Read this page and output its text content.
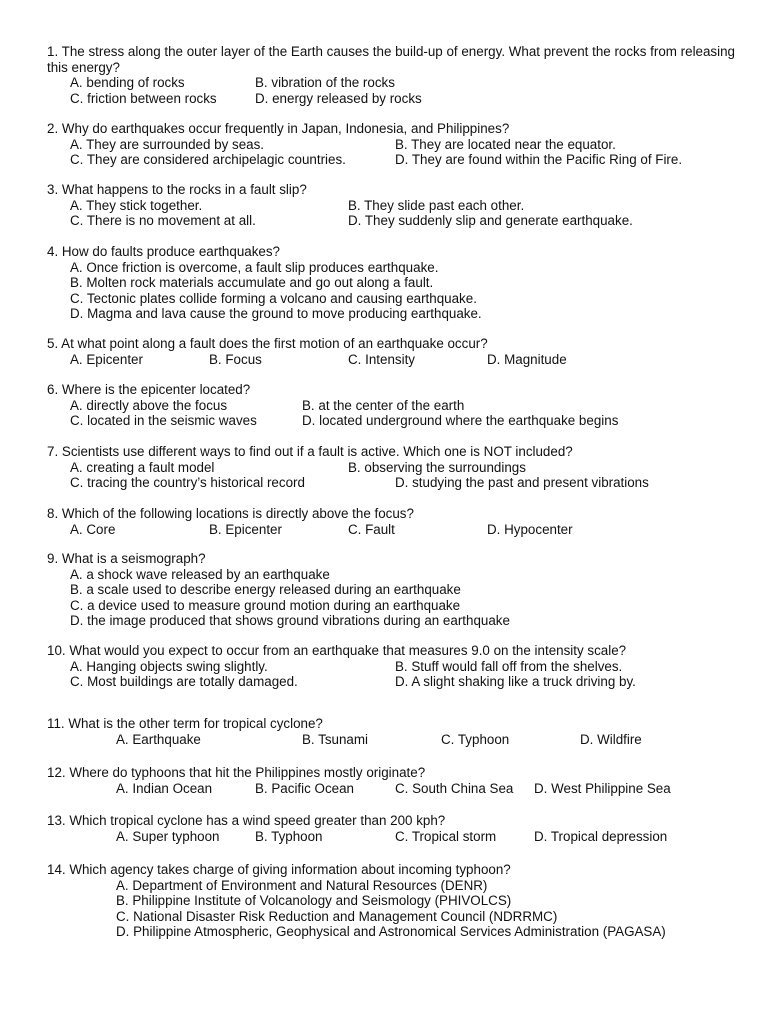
1. The stress along the outer layer of the Earth causes the build-up of energy. What prevent the rocks from releasing this energy?
A. bending of rocks	B. vibration of the rocks
C. friction between rocks	D. energy released by rocks
2. Why do earthquakes occur frequently in Japan, Indonesia, and Philippines?
A. They are surrounded by seas.	B. They are located near the equator.
C. They are considered archipelagic countries.	D. They are found within the Pacific Ring of Fire.
3. What happens to the rocks in a fault slip?
A. They stick together.	B. They slide past each other.
C. There is no movement at all.	D. They suddenly slip and generate earthquake.
4. How do faults produce earthquakes?
A. Once friction is overcome, a fault slip produces earthquake.
B. Molten rock materials accumulate and go out along a fault.
C. Tectonic plates collide forming a volcano and causing earthquake.
D. Magma and lava cause the ground to move producing earthquake.
5. At what point along a fault does the first motion of an earthquake occur?
A. Epicenter	B. Focus	C. Intensity	D. Magnitude
6. Where is the epicenter located?
A. directly above the focus	B. at the center of the earth
C. located in the seismic waves	D. located underground where the earthquake begins
7. Scientists use different ways to find out if a fault is active. Which one is NOT included?
A. creating a fault model	B. observing the surroundings
C. tracing the country’s historical record	D. studying the past and present vibrations
8. Which of the following locations is directly above the focus?
A. Core	B. Epicenter	C. Fault	D. Hypocenter
9. What is a seismograph?
A. a shock wave released by an earthquake
B. a scale used to describe energy released during an earthquake
C. a device used to measure ground motion during an earthquake
D. the image produced that shows ground vibrations during an earthquake
10. What would you expect to occur from an earthquake that measures 9.0 on the intensity scale?
A. Hanging objects swing slightly.	B. Stuff would fall off from the shelves.
C. Most buildings are totally damaged.	D. A slight shaking like a truck driving by.
11. What is the other term for tropical cyclone?
A. Earthquake	B. Tsunami	C. Typhoon	D. Wildfire
12. Where do typhoons that hit the Philippines mostly originate?
A. Indian Ocean	B. Pacific Ocean	C. South China Sea D. West Philippine Sea
13. Which tropical cyclone has a wind speed greater than 200 kph?
A. Super typhoon	B. Typhoon	C. Tropical storm	D. Tropical depression
14. Which agency takes charge of giving information about incoming typhoon?
A. Department of Environment and Natural Resources (DENR)
B. Philippine Institute of Volcanology and Seismology (PHIVOLCS)
C. National Disaster Risk Reduction and Management Council (NDRRMC)
D. Philippine Atmospheric, Geophysical and Astronomical Services Administration (PAGASA)
